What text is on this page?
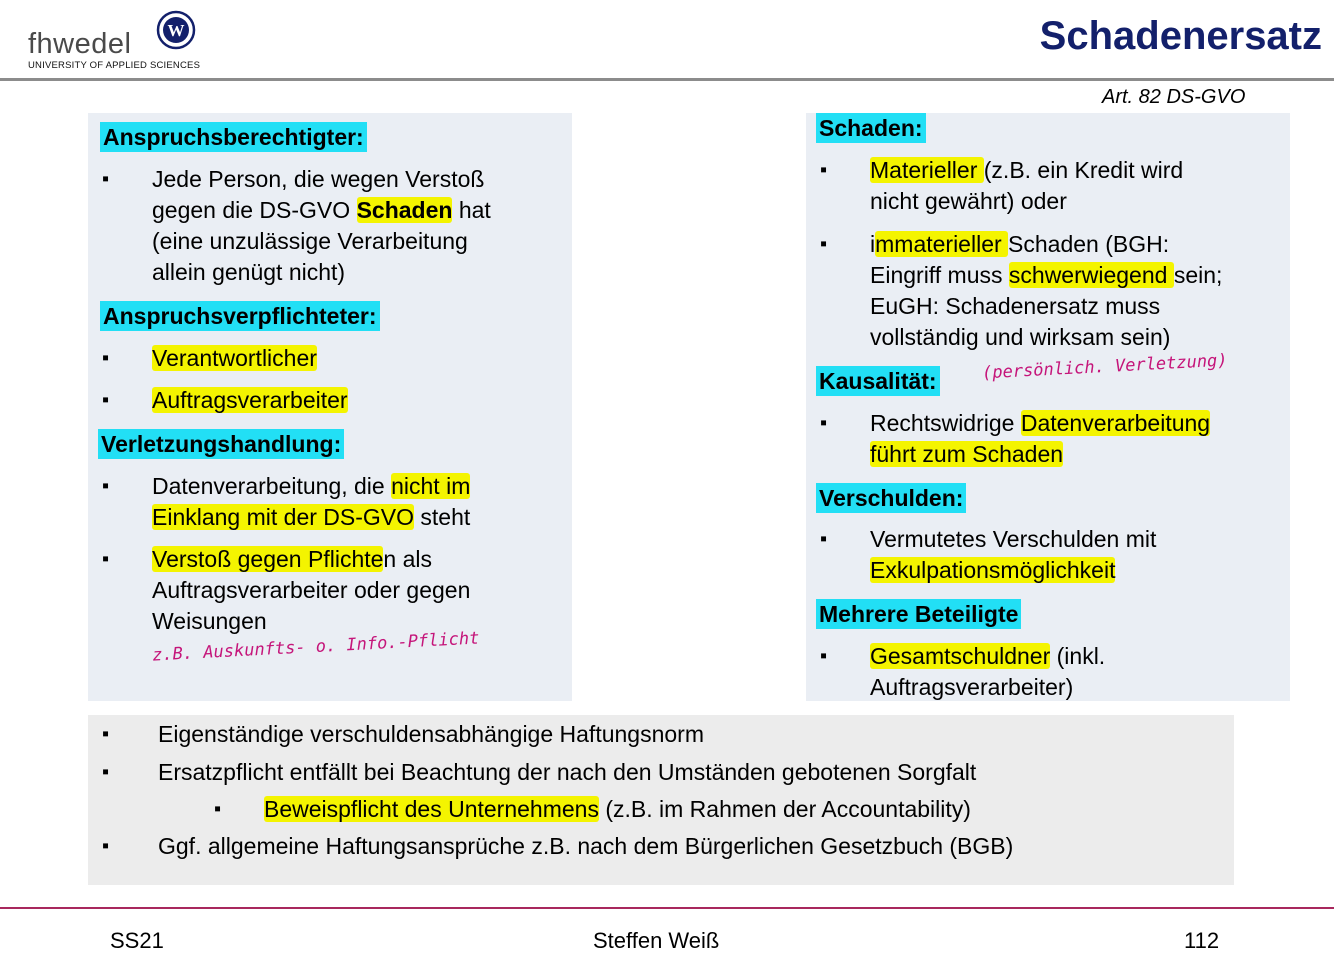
fhwedel W
UNIVERSITY OF APPLIED SCIENCES
Schadenersatz
Art. 82 DS-GVO
Anspruchsberechtigter:
▪ Jede Person, die wegen Verstoß
gegen die DS-GVO Schaden hat
(eine unzulässige Verarbeitung
allein genügt nicht)
Anspruchsverpflichteter:
▪ Verantwortlicher
▪ Auftragsverarbeiter
Verletzungshandlung:
▪ Datenverarbeitung, die nicht im
Einklang mit der DS-GVO steht
▪ Verstoß gegen Pflichten als
Auftragsverarbeiter oder gegen
Weisungen
z.B. Auskunfts- o. Info.-Pflicht
Schaden:
▪ Materieller (z.B. ein Kredit wird
nicht gewährt) oder
▪ immaterieller Schaden (BGH:
Eingriff muss schwerwiegend sein;
EuGH: Schadenersatz muss
vollständig und wirksam sein)
Kausalität:	(persönlich. Verletzung)
▪ Rechtswidrige Datenverarbeitung
führt zum Schaden
Verschulden:
▪ Vermutetes Verschulden mit
Exkulpationsmöglichkeit
Mehrere Beteiligte
▪ Gesamtschuldner (inkl.
Auftragsverarbeiter)
▪ Eigenständige verschuldensabhängige Haftungsnorm
▪ Ersatzpflicht entfällt bei Beachtung der nach den Umständen gebotenen Sorgfalt
▪ Beweispflicht des Unternehmens (z.B. im Rahmen der Accountability)
▪ Ggf. allgemeine Haftungsansprüche z.B. nach dem Bürgerlichen Gesetzbuch (BGB)
SS21	Steffen Weiß	112
